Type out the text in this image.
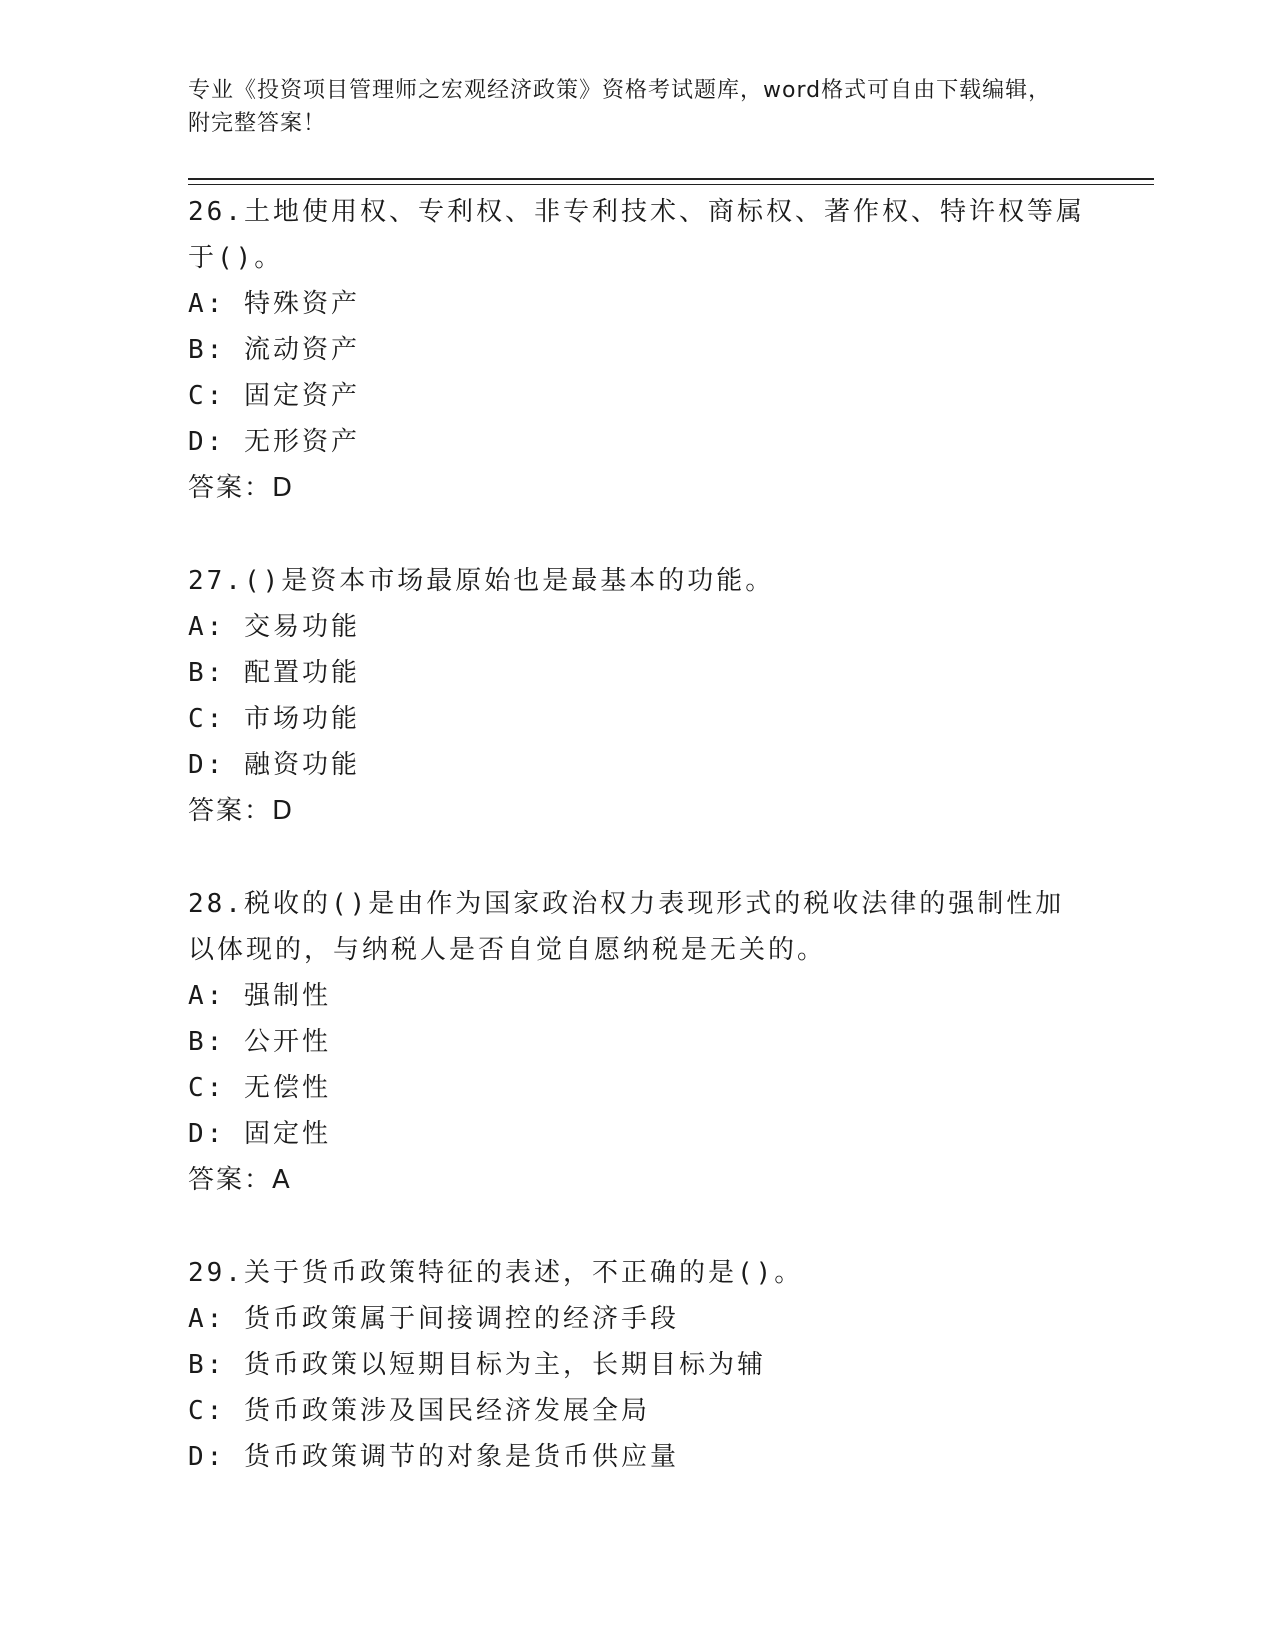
专业《投资项目管理师之宏观经济政策》资格考试题库，word格式可自由下载编辑，附完整答案！
26.土地使用权、专利权、非专利技术、商标权、著作权、特许权等属于()。
A: 特殊资产
B: 流动资产
C: 固定资产
D: 无形资产
答案：D
27.()是资本市场最原始也是最基本的功能。
A: 交易功能
B: 配置功能
C: 市场功能
D: 融资功能
答案：D
28.税收的()是由作为国家政治权力表现形式的税收法律的强制性加以体现的，与纳税人是否自觉自愿纳税是无关的。
A: 强制性
B: 公开性
C: 无偿性
D: 固定性
答案：A
29.关于货币政策特征的表述，不正确的是()。
A: 货币政策属于间接调控的经济手段
B: 货币政策以短期目标为主，长期目标为辅
C: 货币政策涉及国民经济发展全局
D: 货币政策调节的对象是货币供应量
